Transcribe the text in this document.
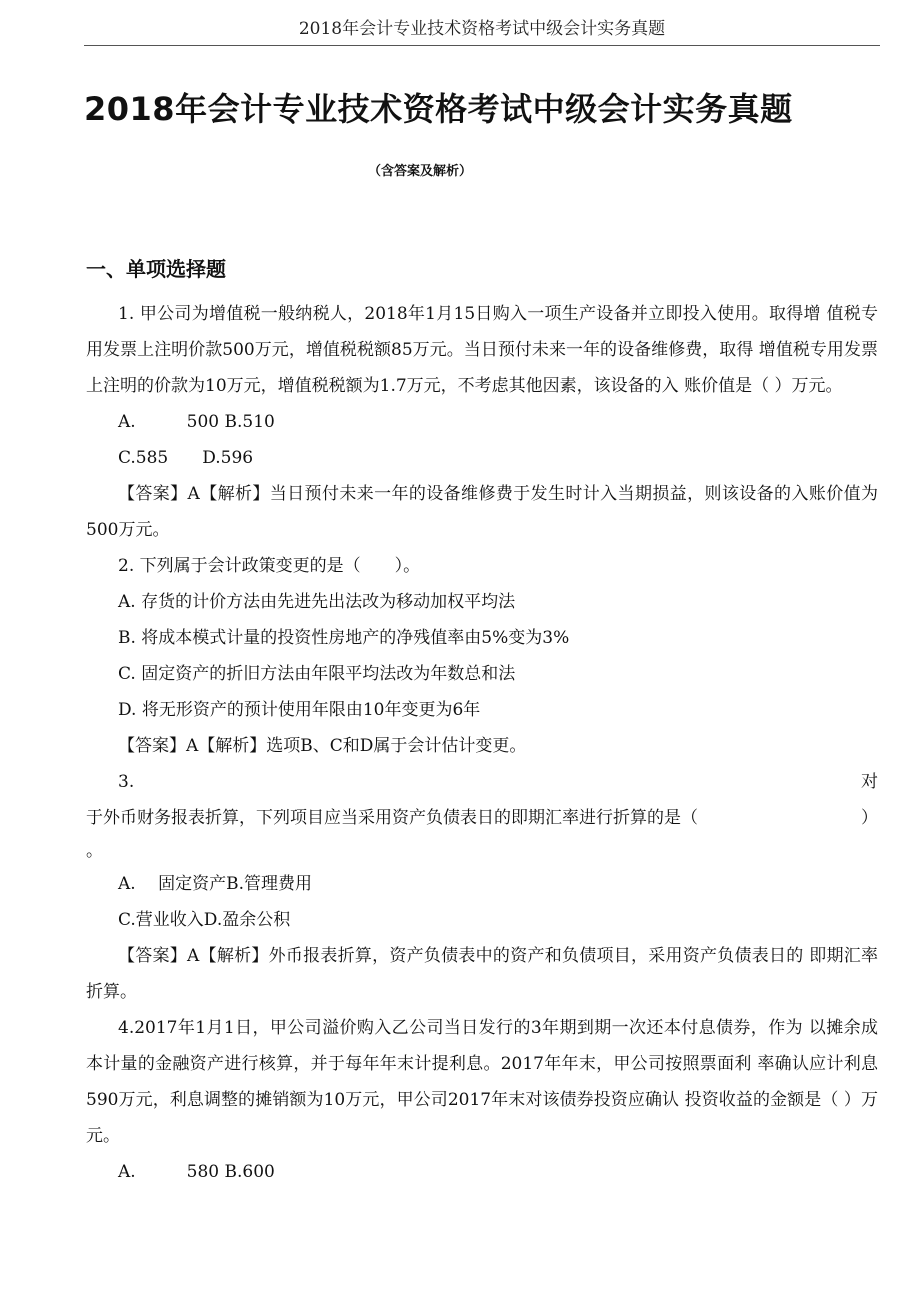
2018年会计专业技术资格考试中级会计实务真题
2018年会计专业技术资格考试中级会计实务真题
（含答案及解析）
一、单项选择题

1. 甲公司为增值税一般纳税人，2018年1月15日购入一项生产设备并立即投入使用。取得增 值税专用发票上注明价款500万元，增值税税额85万元。当日预付未来一年的设备维修费，取得 增值税专用发票上注明的价款为10万元，增值税税额为1.7万元，不考虑其他因素，该设备的入 账价值是（ ）万元。

A.　　　500 B.510
C.585　　D.596

【答案】A【解析】当日预付未来一年的设备维修费于发生时计入当期损益，则该设备的入账价值为500万元。

2. 下列属于会计政策变更的是（　　）。

A. 存货的计价方法由先进先出法改为移动加权平均法
B. 将成本模式计量的投资性房地产的净残值率由5%变为3%
C. 固定资产的折旧方法由年限平均法改为年数总和法
D. 将无形资产的预计使用年限由10年变更为6年

【答案】A【解析】选项B、C和D属于会计估计变更。

3.	对
于外币财务报表折算，下列项目应当采用资产负债表日的即期汇率进行折算的是（	）
。
A.　 固定资产B.管理费用
C.营业收入D.盈余公积

【答案】A【解析】外币报表折算，资产负债表中的资产和负债项目，采用资产负债表日的 即期汇率折算。

4.2017年1月1日，甲公司溢价购入乙公司当日发行的3年期到期一次还本付息债券，作为 以摊余成本计量的金融资产进行核算，并于每年年末计提利息。2017年年末，甲公司按照票面利 率确认应计利息590万元，利息调整的摊销额为10万元，甲公司2017年末对该债券投资应确认 投资收益的金额是（ ）万元。

A.　　　580 B.600
